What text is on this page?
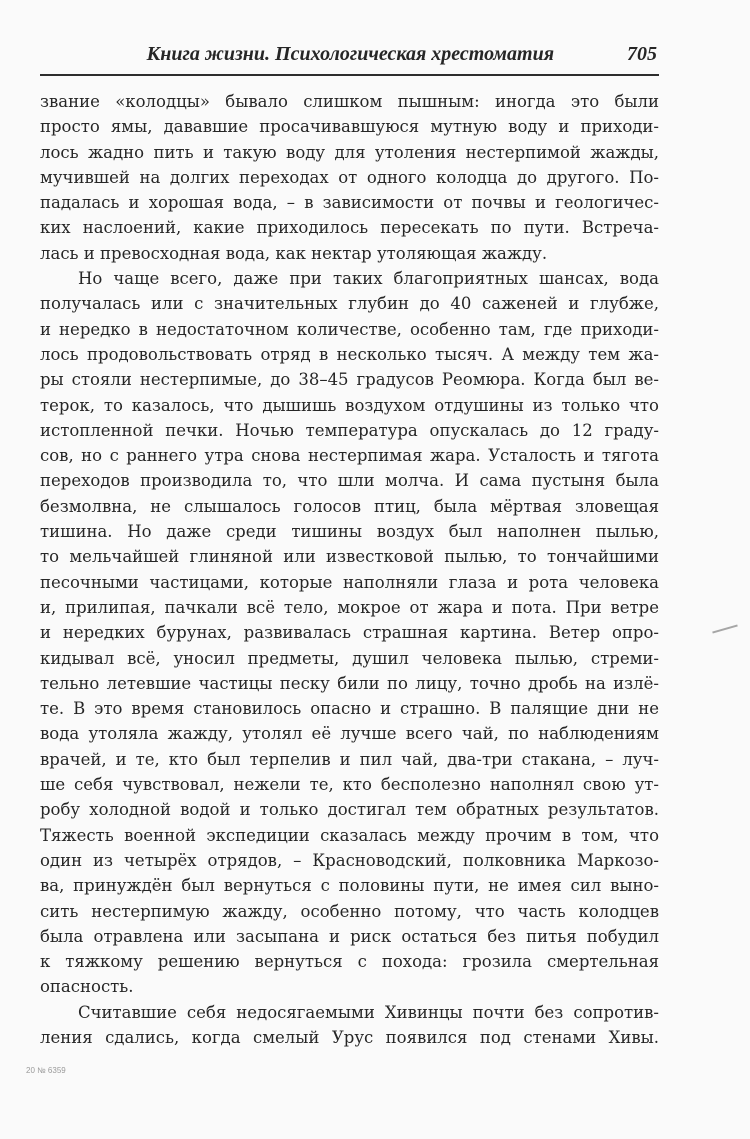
Книга жизни. Психологическая хрестоматия	705
звание «колодцы» бывало слишком пышным: иногда это были
просто ямы, дававшие просачивавшуюся мутную воду и приходи-
лось жадно пить и такую воду для утоления нестерпимой жажды,
мучившей на долгих переходах от одного колодца до другого. По-
падалась и хорошая вода, – в зависимости от почвы и геологичес-
ких наслоений, какие приходилось пересекать по пути. Встреча-
лась и превосходная вода, как нектар утоляющая жажду.
Но чаще всего, даже при таких благоприятных шансах, вода
получалась или с значительных глубин до 40 саженей и глубже,
и нередко в недостаточном количестве, особенно там, где приходи-
лось продовольствовать отряд в несколько тысяч. А между тем жа-
ры стояли нестерпимые, до 38–45 градусов Реомюра. Когда был ве-
терок, то казалось, что дышишь воздухом отдушины из только что
истопленной печки. Ночью температура опускалась до 12 граду-
сов, но с раннего утра снова нестерпимая жара. Усталость и тягота
переходов производила то, что шли молча. И сама пустыня была
безмолвна, не слышалось голосов птиц, была мёртвая зловещая
тишина. Но даже среди тишины воздух был наполнен пылью,
то мельчайшей глиняной или известковой пылью, то тончайшими
песочными частицами, которые наполняли глаза и рота человека
и, прилипая, пачкали всё тело, мокрое от жара и пота. При ветре
и нередких бурунах, развивалась страшная картина. Ветер опро-
кидывал всё, уносил предметы, душил человека пылью, стреми-
тельно летевшие частицы песку били по лицу, точно дробь на излё-
те. В это время становилось опасно и страшно. В палящие дни не
вода утоляла жажду, утолял её лучше всего чай, по наблюдениям
врачей, и те, кто был терпелив и пил чай, два-три стакана, – луч-
ше себя чувствовал, нежели те, кто бесполезно наполнял свою ут-
робу холодной водой и только достигал тем обратных результатов.
Тяжесть военной экспедиции сказалась между прочим в том, что
один из четырёх отрядов, – Красноводский, полковника Маркозо-
ва, принуждён был вернуться с половины пути, не имея сил выно-
сить нестерпимую жажду, особенно потому, что часть колодцев
была отравлена или засыпана и риск остаться без питья побудил
к тяжкому решению вернуться с похода: грозила смертельная
опасность.
Считавшие себя недосягаемыми Хивинцы почти без сопротив-
ления сдались, когда смелый Урус появился под стенами Хивы.
20 № 6359
